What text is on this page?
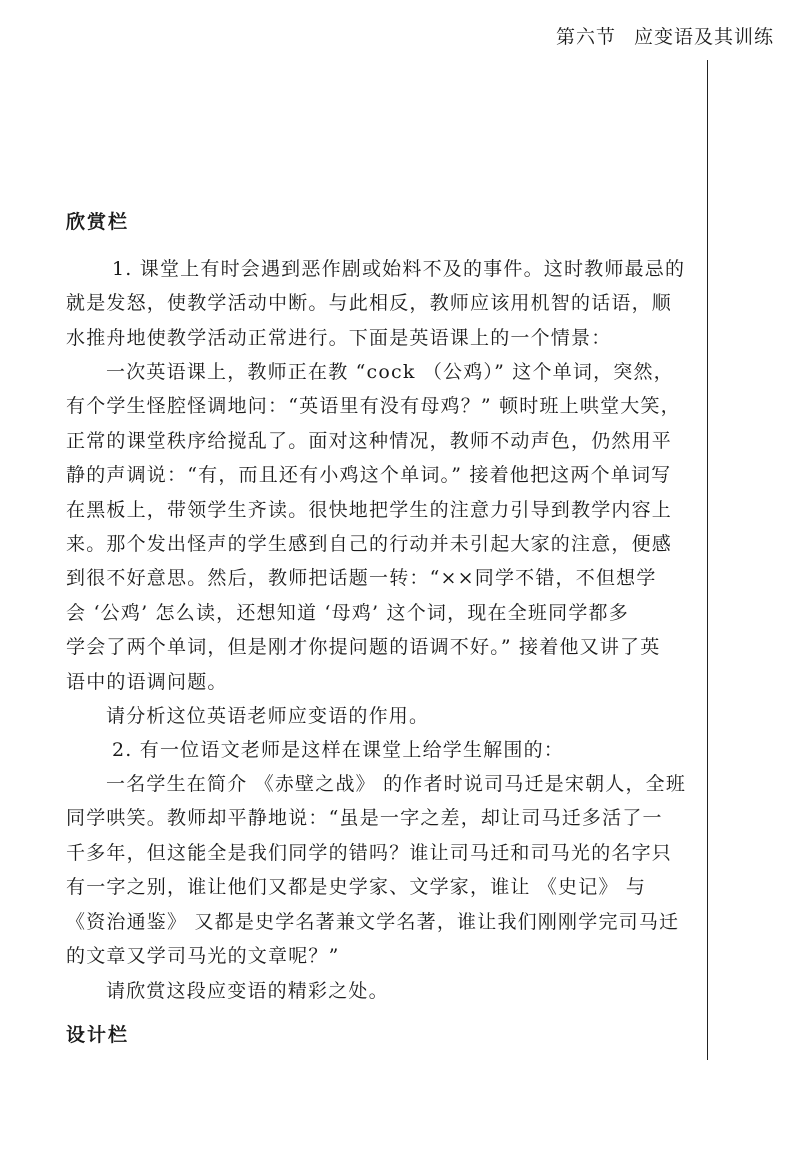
第六节 应变语及其训练
欣赏栏
1. 课堂上有时会遇到恶作剧或始料不及的事件。这时教师最忌的
就是发怒，使教学活动中断。与此相反，教师应该用机智的话语，顺
水推舟地使教学活动正常进行。下面是英语课上的一个情景：
一次英语课上，教师正在教 “cock （公鸡）” 这个单词，突然，
有个学生怪腔怪调地问：“英语里有没有母鸡？” 顿时班上哄堂大笑，
正常的课堂秩序给搅乱了。面对这种情况，教师不动声色，仍然用平
静的声调说：“有，而且还有小鸡这个单词。” 接着他把这两个单词写
在黑板上，带领学生齐读。很快地把学生的注意力引导到教学内容上
来。那个发出怪声的学生感到自己的行动并未引起大家的注意，便感
到很不好意思。然后，教师把话题一转：“××同学不错，不但想学
会 ‘公鸡’ 怎么读，还想知道 ‘母鸡’ 这个词，现在全班同学都多
学会了两个单词，但是刚才你提问题的语调不好。” 接着他又讲了英
语中的语调问题。
请分析这位英语老师应变语的作用。
2. 有一位语文老师是这样在课堂上给学生解围的：
一名学生在简介 《赤壁之战》 的作者时说司马迁是宋朝人，全班
同学哄笑。教师却平静地说：“虽是一字之差，却让司马迁多活了一
千多年，但这能全是我们同学的错吗？谁让司马迁和司马光的名字只
有一字之别，谁让他们又都是史学家、文学家，谁让 《史记》 与
《资治通鉴》 又都是史学名著兼文学名著，谁让我们刚刚学完司马迁
的文章又学司马光的文章呢？”
请欣赏这段应变语的精彩之处。
设计栏
